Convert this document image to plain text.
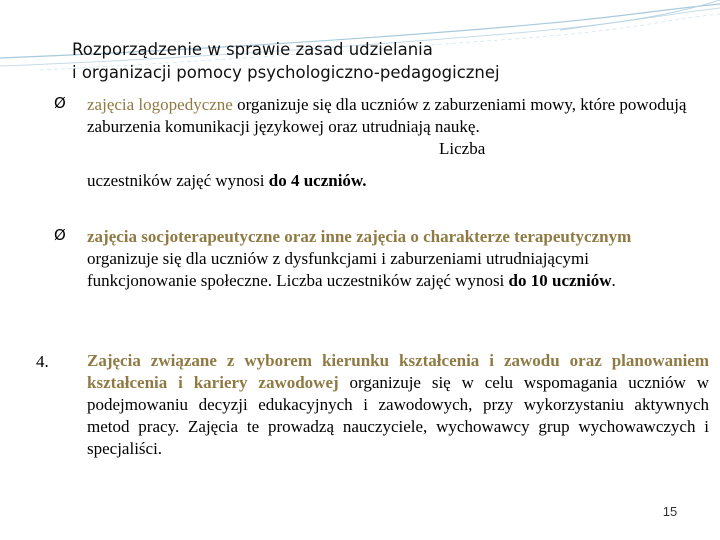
Rozporządzenie w sprawie zasad udzielania
i organizacji pomocy psychologiczno-pedagogicznej
Ø zajęcia logopedyczne organizuje się dla uczniów z zaburzeniami mowy, które powodują zaburzenia komunikacji językowej oraz utrudniają naukę.Liczba
uczestników zajęć wynosi do 4 uczniów.
Ø zajęcia socjoterapeutyczne oraz inne zajęcia o charakterze terapeutycznym organizuje się dla uczniów z dysfunkcjami i zaburzeniami utrudniającymi funkcjonowanie społeczne. Liczba uczestników zajęć wynosi do 10 uczniów.
4. Zajęcia związane z wyborem kierunku kształcenia i zawodu oraz planowaniem kształcenia i kariery zawodowej organizuje się w celu wspomagania uczniów w podejmowaniu decyzji edukacyjnych i zawodowych, przy wykorzystaniu aktywnych metod pracy. Zajęcia te prowadzą nauczyciele, wychowawcy grup wychowawczych i specjaliści.
15
